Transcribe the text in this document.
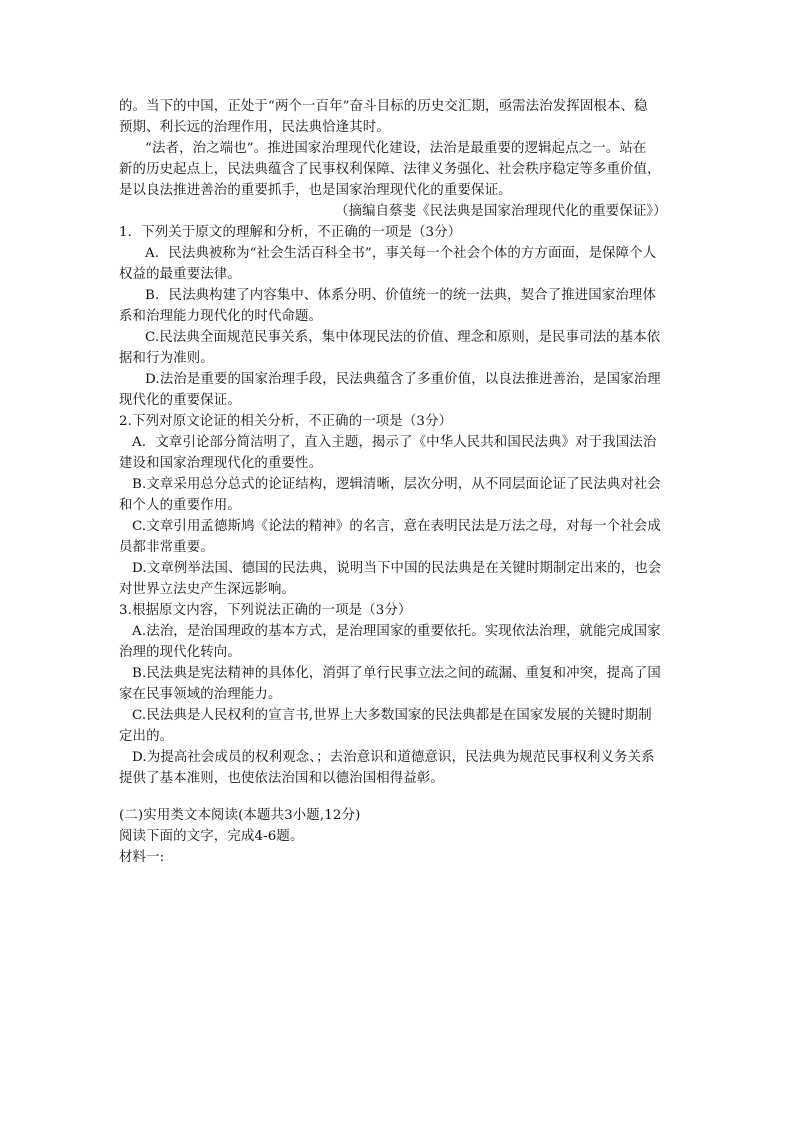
的。当下的中国，正处于“两个一百年”奋斗目标的历史交汇期，亟需法治发挥固根本、稳
预期、利长远的治理作用，民法典恰逢其时。
“法者，治之端也”。推进国家治理现代化建设，法治是最重要的逻辑起点之一。站在
新的历史起点上，民法典蕴含了民事权利保障、法律义务强化、社会秩序稳定等多重价值，
是以良法推进善治的重要抓手，也是国家治理现代化的重要保证。
（摘编自蔡斐《民法典是国家治理现代化的重要保证》）
1．下列关于原文的理解和分析，不正确的一项是（3分）
A．民法典被称为“社会生活百科全书”，事关每一个社会个体的方方面面，是保障个人
权益的最重要法律。
B．民法典构建了内容集中、体系分明、价值统一的统一法典，契合了推进国家治理体
系和治理能力现代化的时代命题。
C.民法典全面规范民事关系，集中体现民法的价值、理念和原则，是民事司法的基本依
据和行为准则。
D.法治是重要的国家治理手段，民法典蕴含了多重价值，以良法推进善治，是国家治理
现代化的重要保证。
2.下列对原文论证的相关分析，不正确的一项是（3分）
A．文章引论部分简洁明了，直入主题，揭示了《中华人民共和国民法典》对于我国法治
建设和国家治理现代化的重要性。
B.文章采用总分总式的论证结构，逻辑清晰，层次分明，从不同层面论证了民法典对社会
和个人的重要作用。
C.文章引用孟德斯鸠《论法的精神》的名言，意在表明民法是万法之母，对每一个社会成
员都非常重要。
D.文章例举法国、德国的民法典，说明当下中国的民法典是在关键时期制定出来的，也会
对世界立法史产生深远影响。
3.根据原文内容，下列说法正确的一项是（3分）
A.法治，是治国理政的基本方式，是治理国家的重要依托。实现依法治理，就能完成国家
治理的现代化转向。
B.民法典是宪法精神的具体化，消弭了单行民事立法之间的疏漏、重复和冲突，提高了国
家在民事领域的治理能力。
C.民法典是人民权利的宣言书,世界上大多数国家的民法典都是在国家发展的关键时期制
定出的。
D.为提高社会成员的权利观念、；去治意识和道德意识，民法典为规范民事权利义务关系
提供了基本准则，也使依法治国和以德治国相得益彰。
(二)实用类文本阅读(本题共3小题,12分)
阅读下面的文字，完成4-6题。
材料一:
